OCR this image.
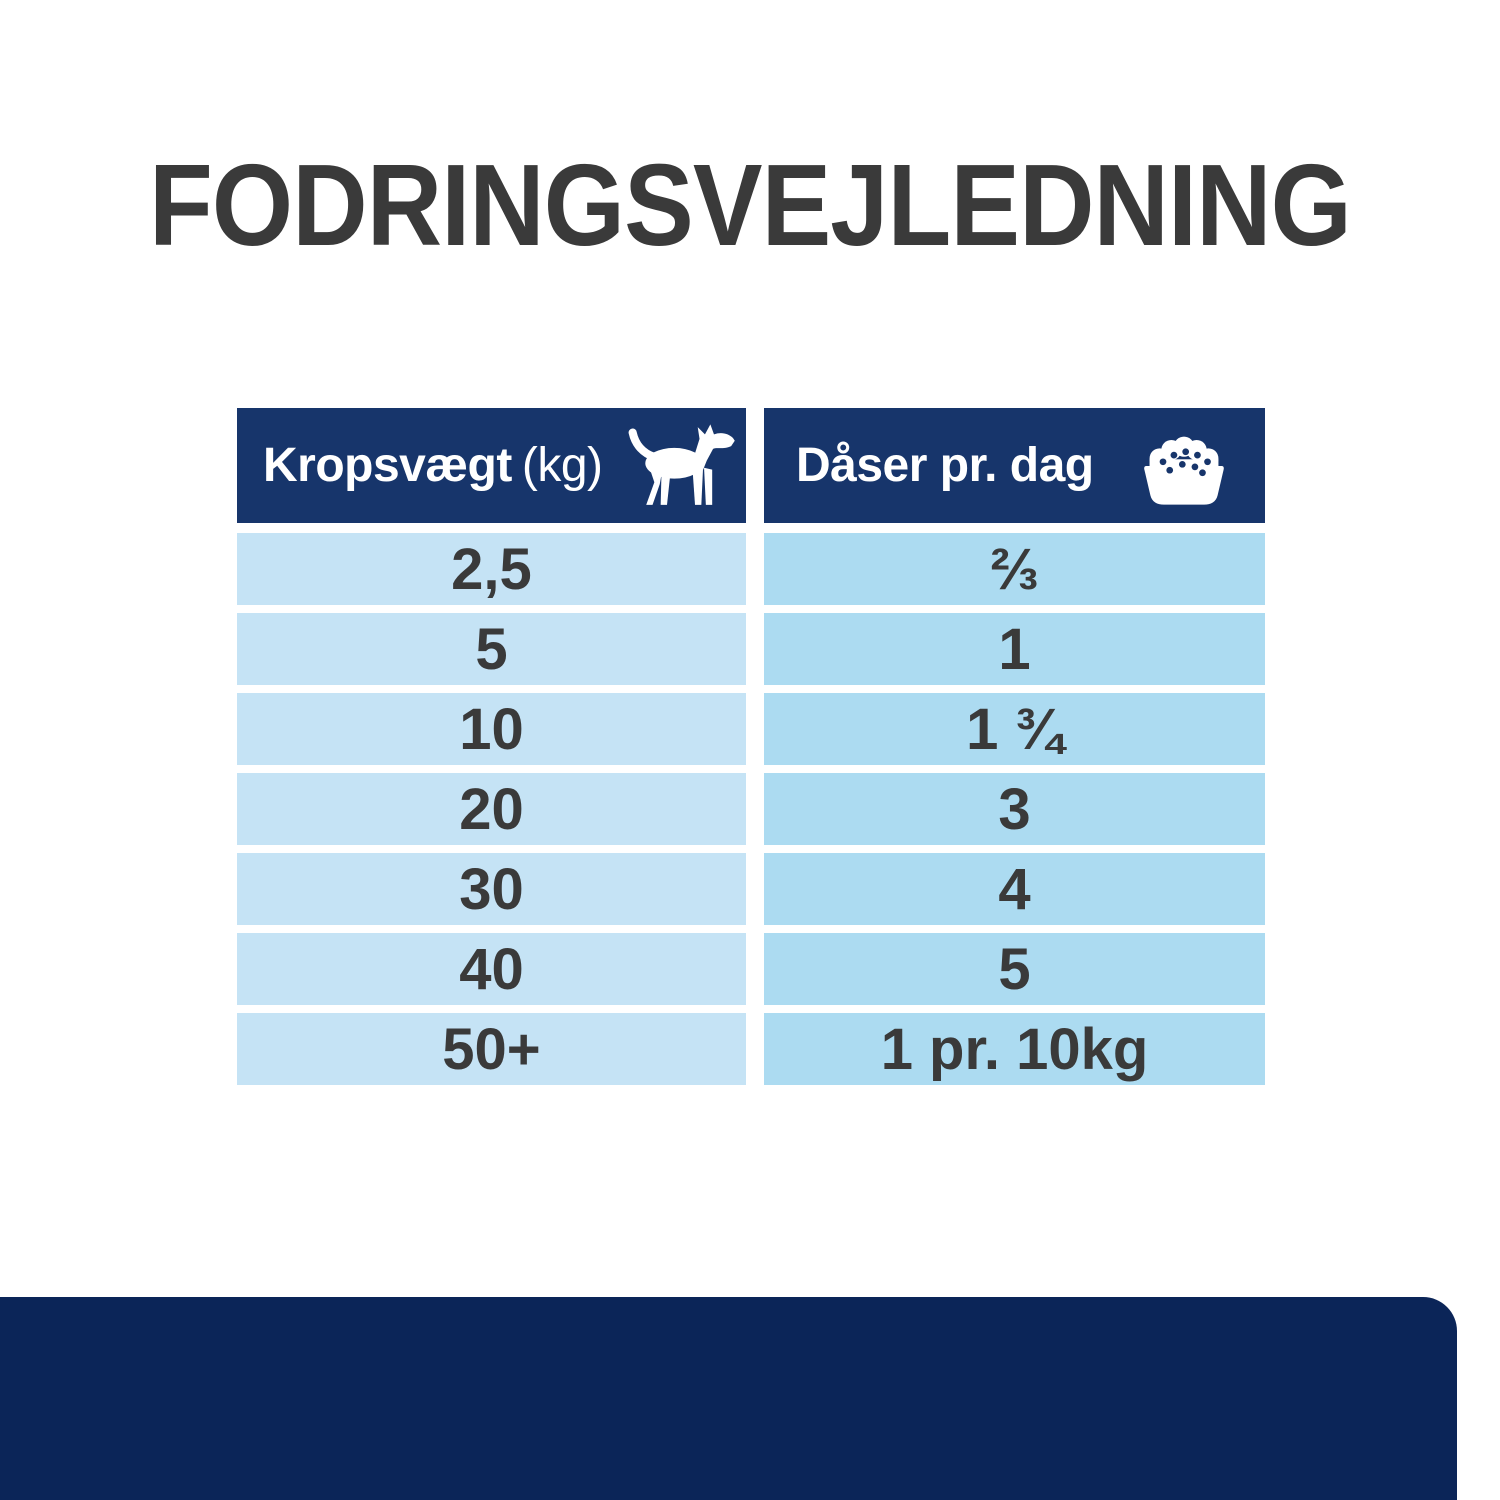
FODRINGSVEJLEDNING
Kropsvægt (kg)	Dåser pr. dag
2,5	⅔
5	1
10	1 ¾
20	3
30	4
40	5
50+	1 pr. 10kg
